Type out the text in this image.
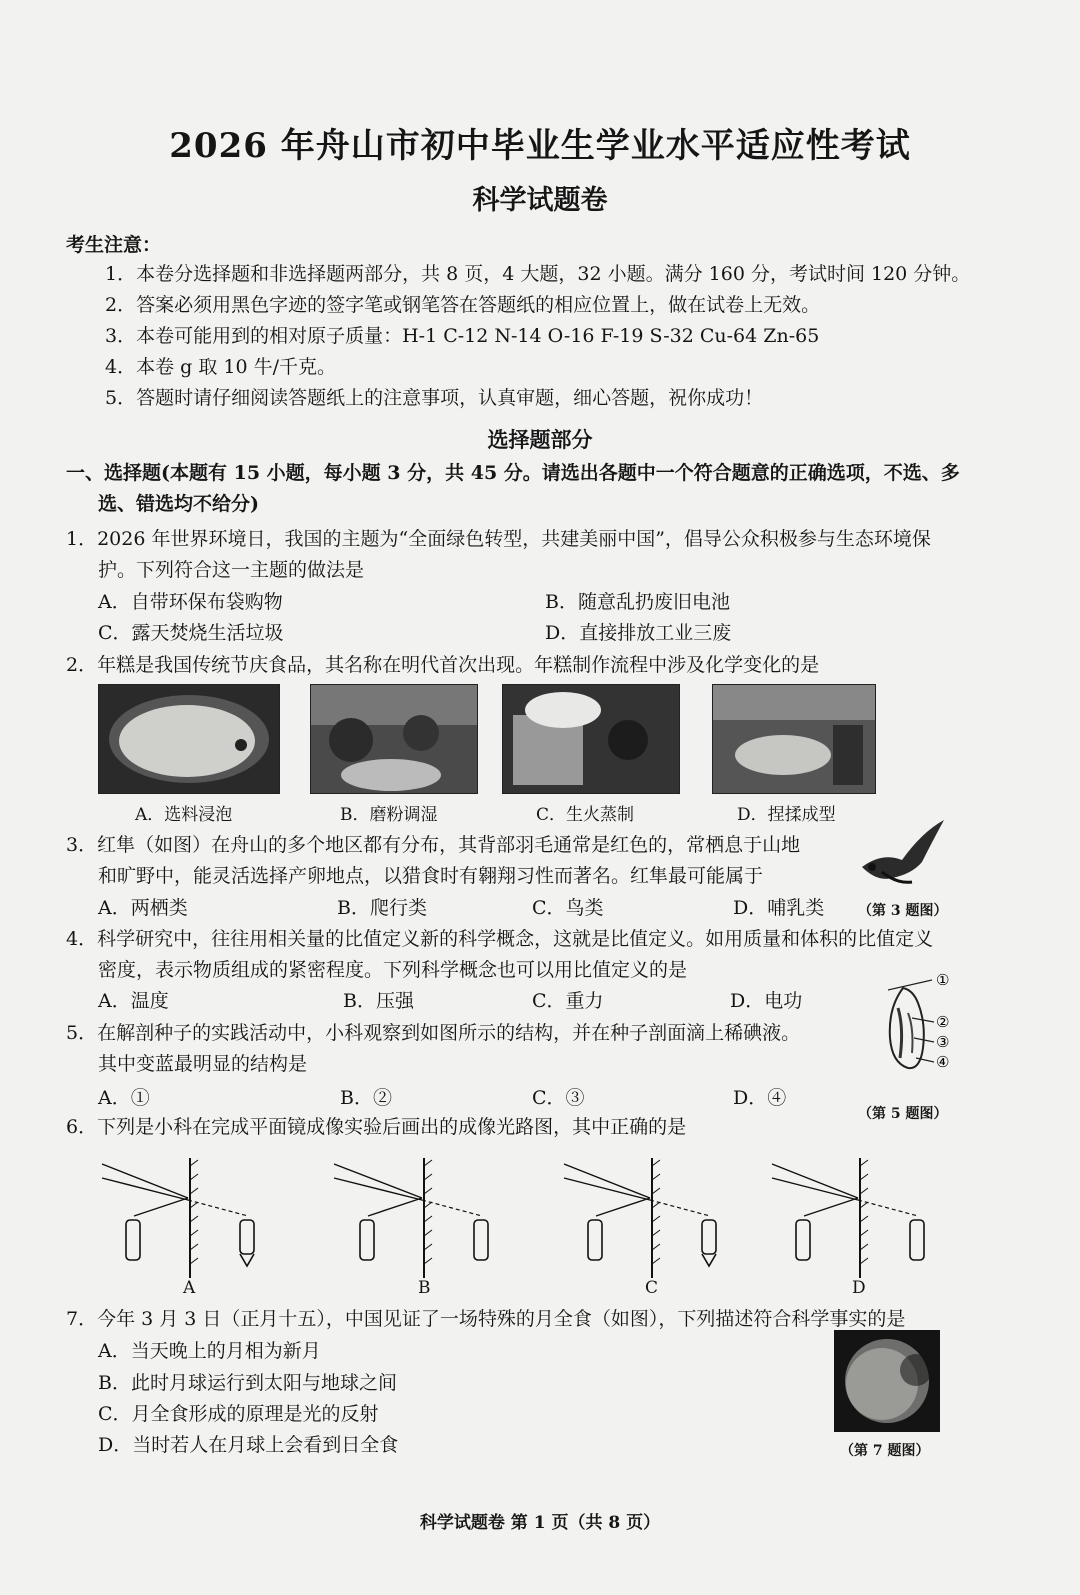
2026 年舟山市初中毕业生学业水平适应性考试
科学试题卷
考生注意：
1．本卷分选择题和非选择题两部分，共 8 页，4 大题，32 小题。满分 160 分，考试时间 120 分钟。
2．答案必须用黑色字迹的签字笔或钢笔答在答题纸的相应位置上，做在试卷上无效。
3．本卷可能用到的相对原子质量：H-1 C-12 N-14 O-16 F-19 S-32 Cu-64 Zn-65
4．本卷 g 取 10 牛/千克。
5．答题时请仔细阅读答题纸上的注意事项，认真审题，细心答题，祝你成功！
选择题部分
一、选择题(本题有 15 小题，每小题 3 分，共 45 分。请选出各题中一个符合题意的正确选项，不选、多
选、错选均不给分)
1．2026 年世界环境日，我国的主题为“全面绿色转型，共建美丽中国”，倡导公众积极参与生态环境保
护。下列符合这一主题的做法是
A．自带环保布袋购物	B．随意乱扔废旧电池
C．露天焚烧生活垃圾	D．直接排放工业三废
2．年糕是我国传统节庆食品，其名称在明代首次出现。年糕制作流程中涉及化学变化的是
A．选料浸泡	B．磨粉调湿	C．生火蒸制	D．捏揉成型
3．红隼（如图）在舟山的多个地区都有分布，其背部羽毛通常是红色的，常栖息于山地
和旷野中，能灵活选择产卵地点，以猎食时有翱翔习性而著名。红隼最可能属于
A．两栖类	B．爬行类	C．鸟类	D．哺乳类 （第 3 题图）
4．科学研究中，往往用相关量的比值定义新的科学概念，这就是比值定义。如用质量和体积的比值定义
密度，表示物质组成的紧密程度。下列科学概念也可以用比值定义的是
A．温度	B．压强	C．重力	D．电功
5．在解剖种子的实践活动中，小科观察到如图所示的结构，并在种子剖面滴上稀碘液。
其中变蓝最明显的结构是
A．①	B．②	C．③	D．④
①
②
③
④
（第 5 题图）
6．下列是小科在完成平面镜成像实验后画出的成像光路图，其中正确的是
A	B	C	D
7．今年 3 月 3 日（正月十五），中国见证了一场特殊的月全食（如图），下列描述符合科学事实的是
A．当天晚上的月相为新月
B．此时月球运行到太阳与地球之间
C．月全食形成的原理是光的反射
D．当时若人在月球上会看到日全食	（第 7 题图）
科学试题卷 第 1 页（共 8 页）
